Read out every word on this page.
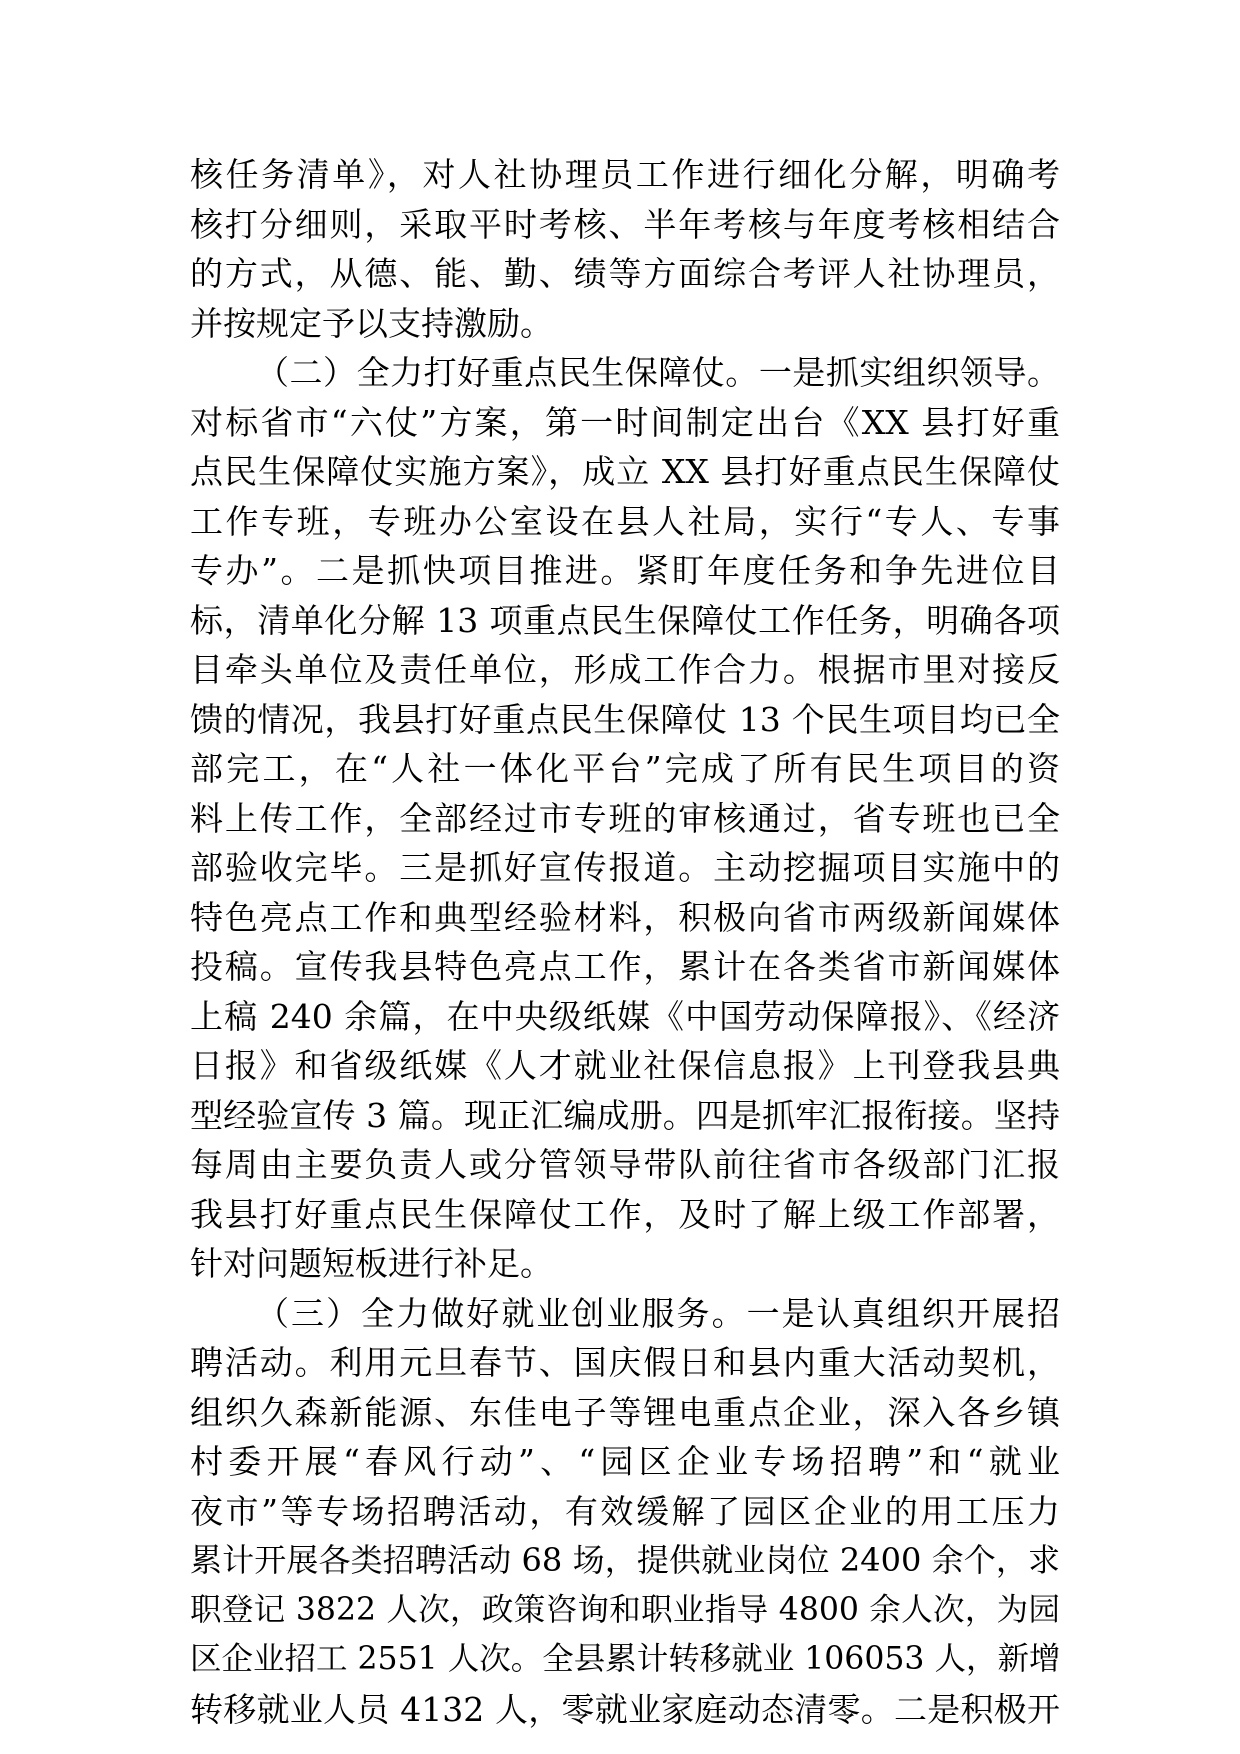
核任务清单》，对人社协理员工作进行细化分解，明确考
核打分细则，采取平时考核、半年考核与年度考核相结合
的方式，从德、能、勤、绩等方面综合考评人社协理员，
并按规定予以支持激励。
（二）全力打好重点民生保障仗。一是抓实组织领导。
对标省市“六仗”方案，第一时间制定出台《XX 县打好重
点民生保障仗实施方案》，成立 XX 县打好重点民生保障仗
工作专班，专班办公室设在县人社局，实行“专人、专事
专办”。二是抓快项目推进。紧盯年度任务和争先进位目
标，清单化分解 13 项重点民生保障仗工作任务，明确各项
目牵头单位及责任单位，形成工作合力。根据市里对接反
馈的情况，我县打好重点民生保障仗 13 个民生项目均已全
部完工，在“人社一体化平台”完成了所有民生项目的资
料上传工作，全部经过市专班的审核通过，省专班也已全
部验收完毕。三是抓好宣传报道。主动挖掘项目实施中的
特色亮点工作和典型经验材料，积极向省市两级新闻媒体
投稿。宣传我县特色亮点工作，累计在各类省市新闻媒体
上稿 240 余篇，在中央级纸媒《中国劳动保障报》、《经济
日报》和省级纸媒《人才就业社保信息报》上刊登我县典
型经验宣传 3 篇。现正汇编成册。四是抓牢汇报衔接。坚持
每周由主要负责人或分管领导带队前往省市各级部门汇报
我县打好重点民生保障仗工作，及时了解上级工作部署，
针对问题短板进行补足。
（三）全力做好就业创业服务。一是认真组织开展招
聘活动。利用元旦春节、国庆假日和县内重大活动契机，
组织久森新能源、东佳电子等锂电重点企业，深入各乡镇
村委开展“春风行动”、“园区企业专场招聘”和“就业
夜市”等专场招聘活动，有效缓解了园区企业的用工压力
累计开展各类招聘活动 68 场，提供就业岗位 2400 余个，求
职登记 3822 人次，政策咨询和职业指导 4800 余人次，为园
区企业招工 2551 人次。全县累计转移就业 106053 人，新增
转移就业人员 4132 人，零就业家庭动态清零。二是积极开
